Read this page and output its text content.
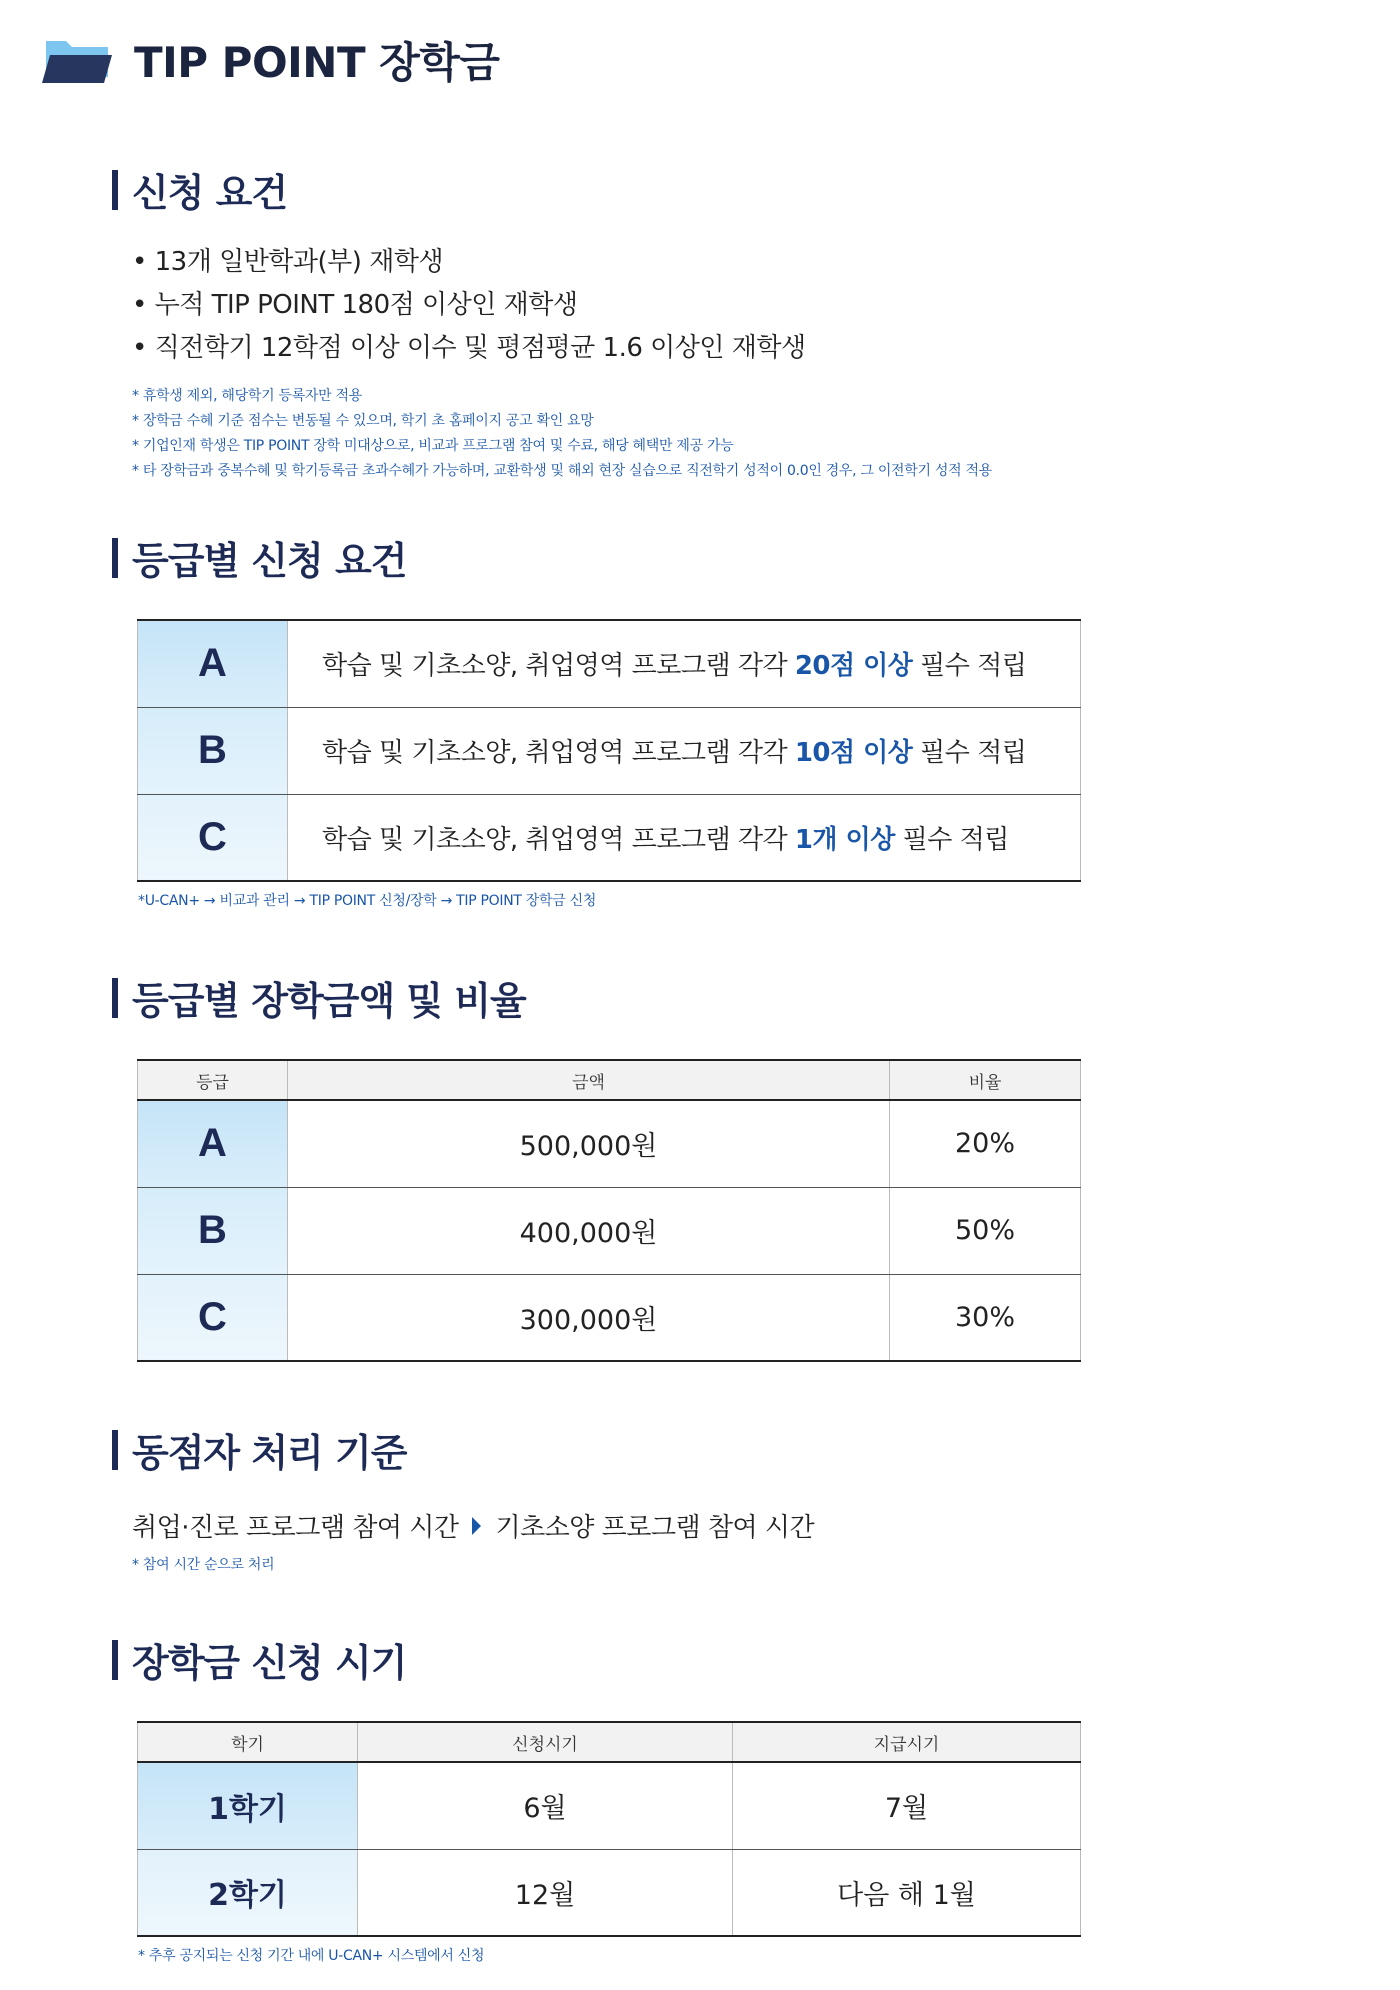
TIP POINT 장학금
신청 요건
• 13개 일반학과(부) 재학생
• 누적 TIP POINT 180점 이상인 재학생
• 직전학기 12학점 이상 이수 및 평점평균 1.6 이상인 재학생
* 휴학생 제외, 해당학기 등록자만 적용
* 장학금 수혜 기준 점수는 변동될 수 있으며, 학기 초 홈페이지 공고 확인 요망
* 기업인재 학생은 TIP POINT 장학 미대상으로, 비교과 프로그램 참여 및 수료, 해당 혜택만 제공 가능
* 타 장학금과 중복수혜 및 학기등록금 초과수혜가 가능하며, 교환학생 및 해외 현장 실습으로 직전학기 성적이 0.0인 경우, 그 이전학기 성적 적용
등급별 신청 요건
A	학습 및 기초소양, 취업영역 프로그램 각각 20점 이상 필수 적립
B	학습 및 기초소양, 취업영역 프로그램 각각 10점 이상 필수 적립
C	학습 및 기초소양, 취업영역 프로그램 각각 1개 이상 필수 적립
*U-CAN+ → 비교과 관리 → TIP POINT 신청/장학 → TIP POINT 장학금 신청
등급별 장학금액 및 비율
등급	금액	비율
A	500,000원	20%
B	400,000원	50%
C	300,000원	30%
동점자 처리 기준
취업·진로 프로그램 참여 시간 기초소양 프로그램 참여 시간
* 참여 시간 순으로 처리
장학금 신청 시기
학기	신청시기	지급시기
1학기	6월	7월
2학기	12월	다음 해 1월
* 추후 공지되는 신청 기간 내에 U-CAN+ 시스템에서 신청
